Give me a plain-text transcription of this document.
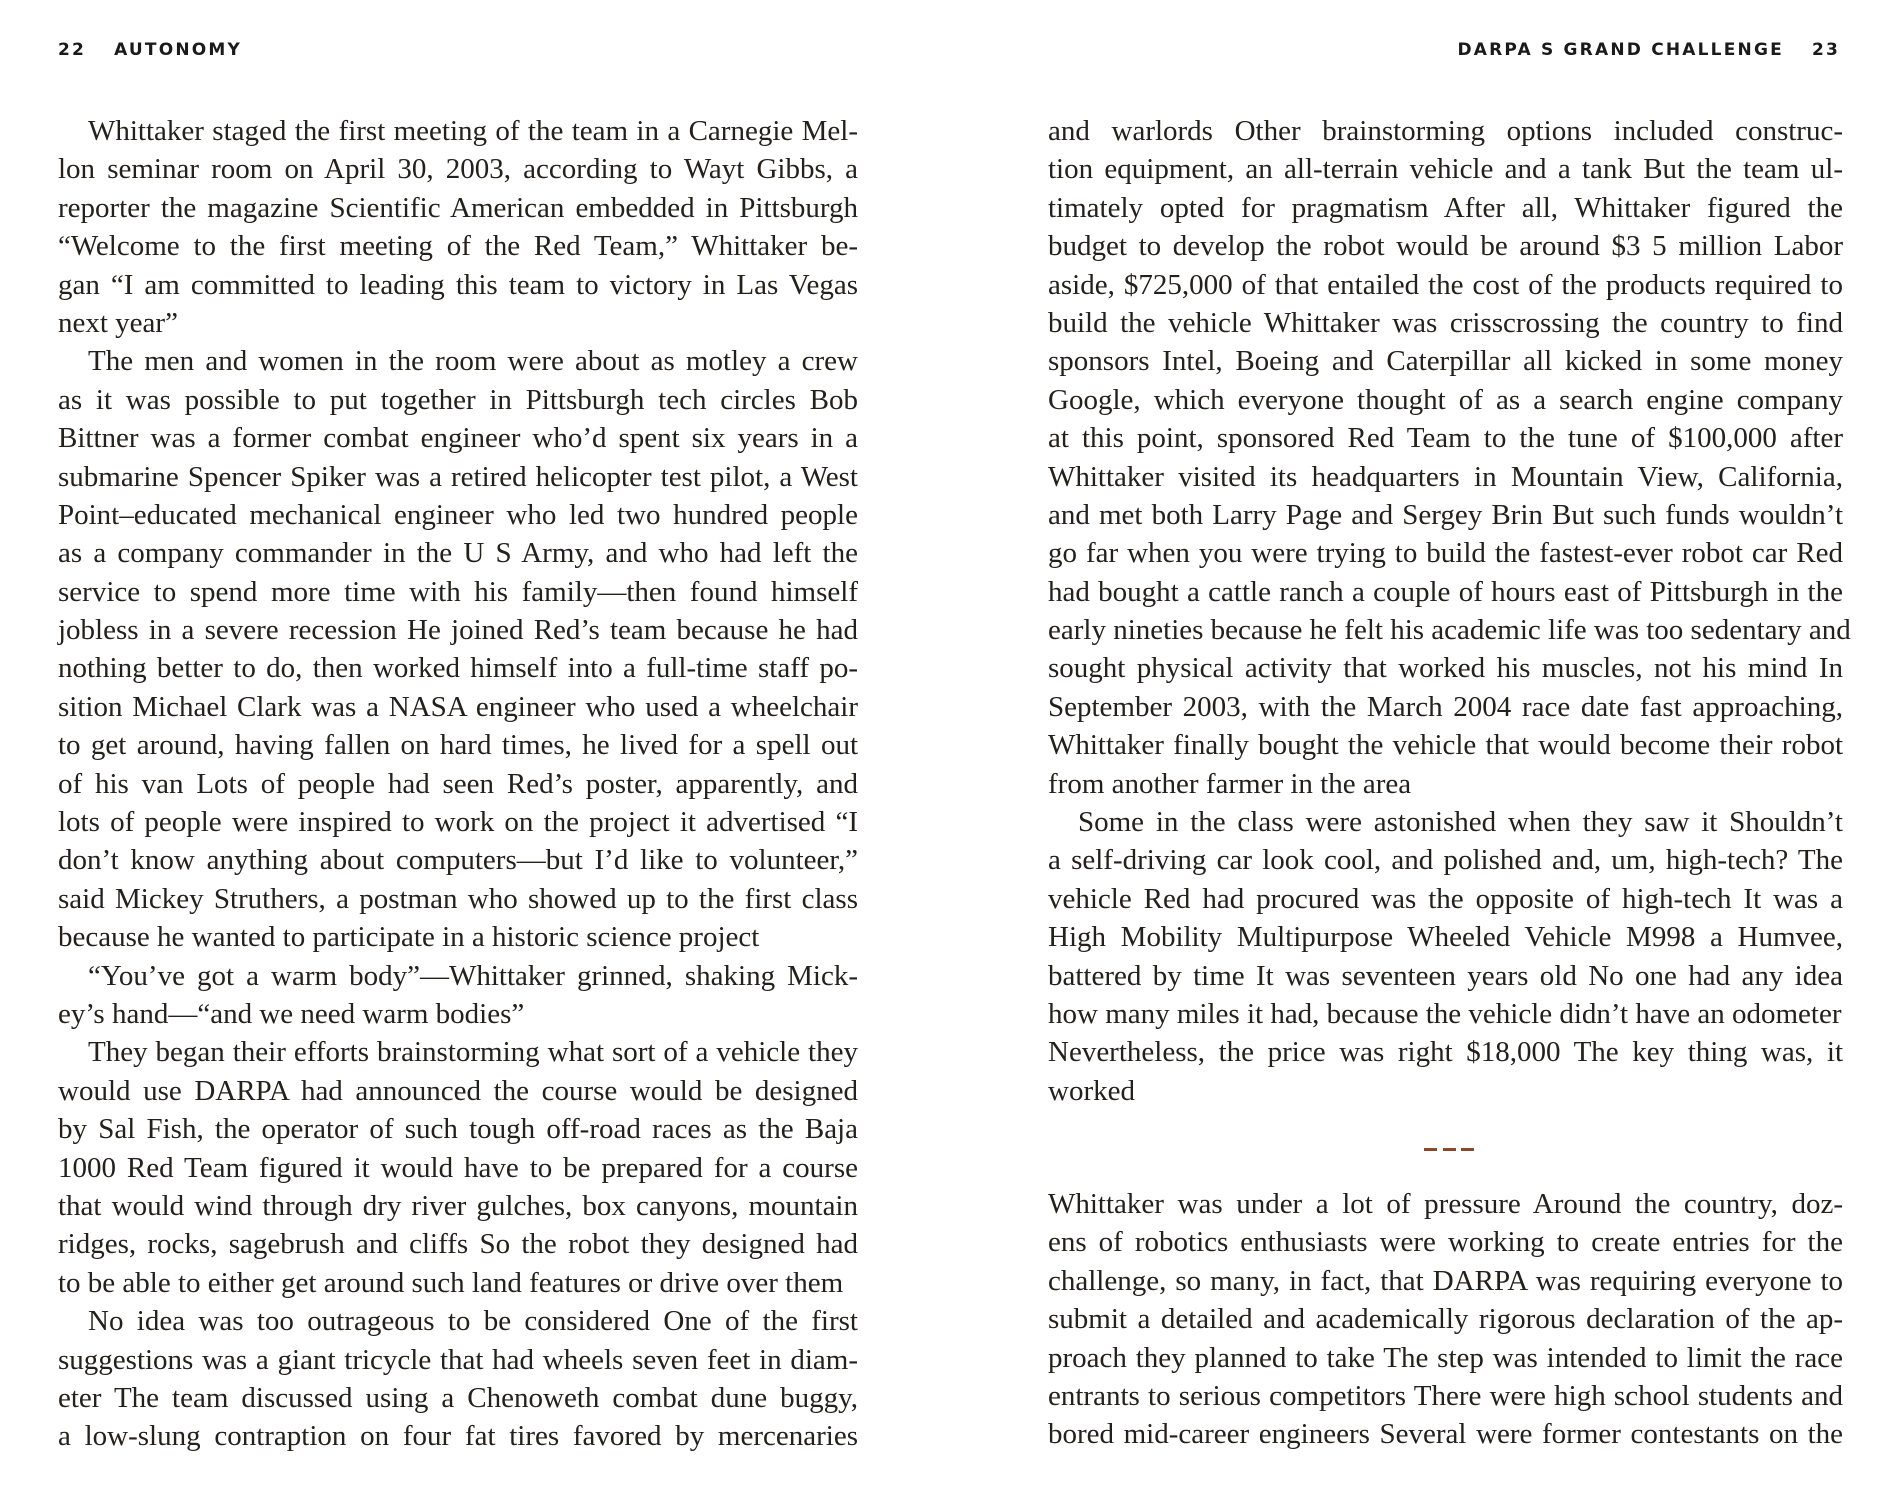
22 AUTONOMY
Whittaker staged the first meeting of the team in a Carnegie Mel-
lon seminar room on April 30, 2003, according to Wayt Gibbs, a
reporter the magazine Scientific American embedded in Pittsburgh
“Welcome to the first meeting of the Red Team,” Whittaker be-
gan “I am committed to leading this team to victory in Las Vegas
next year”
The men and women in the room were about as motley a crew
as it was possible to put together in Pittsburgh tech circles Bob
Bittner was a former combat engineer who’d spent six years in a
submarine Spencer Spiker was a retired helicopter test pilot, a West
Point–educated mechanical engineer who led two hundred people
as a company commander in the U S Army, and who had left the
service to spend more time with his family—then found himself
jobless in a severe recession He joined Red’s team because he had
nothing better to do, then worked himself into a full-time staff po-
sition Michael Clark was a NASA engineer who used a wheelchair
to get around, having fallen on hard times, he lived for a spell out
of his van Lots of people had seen Red’s poster, apparently, and
lots of people were inspired to work on the project it advertised “I
don’t know anything about computers—but I’d like to volunteer,”
said Mickey Struthers, a postman who showed up to the first class
because he wanted to participate in a historic science project
“You’ve got a warm body”—Whittaker grinned, shaking Mick-
ey’s hand—“and we need warm bodies”
They began their efforts brainstorming what sort of a vehicle they
would use DARPA had announced the course would be designed
by Sal Fish, the operator of such tough off-road races as the Baja
1000 Red Team figured it would have to be prepared for a course
that would wind through dry river gulches, box canyons, mountain
ridges, rocks, sagebrush and cliffs So the robot they designed had
to be able to either get around such land features or drive over them
No idea was too outrageous to be considered One of the first
suggestions was a giant tricycle that had wheels seven feet in diam-
eter The team discussed using a Chenoweth combat dune buggy,
a low-slung contraption on four fat tires favored by mercenaries
DARPA S GRAND CHALLENGE 23
and warlords Other brainstorming options included construc-
tion equipment, an all-terrain vehicle and a tank But the team ul-
timately opted for pragmatism After all, Whittaker figured the
budget to develop the robot would be around $3 5 million Labor
aside, $725,000 of that entailed the cost of the products required to
build the vehicle Whittaker was crisscrossing the country to find
sponsors Intel, Boeing and Caterpillar all kicked in some money
Google, which everyone thought of as a search engine company
at this point, sponsored Red Team to the tune of $100,000 after
Whittaker visited its headquarters in Mountain View, California,
and met both Larry Page and Sergey Brin But such funds wouldn’t
go far when you were trying to build the fastest-ever robot car Red
had bought a cattle ranch a couple of hours east of Pittsburgh in the
early nineties because he felt his academic life was too sedentary and
sought physical activity that worked his muscles, not his mind In
September 2003, with the March 2004 race date fast approaching,
Whittaker finally bought the vehicle that would become their robot
from another farmer in the area
Some in the class were astonished when they saw it Shouldn’t
a self-driving car look cool, and polished and, um, high-tech? The
vehicle Red had procured was the opposite of high-tech It was a
High Mobility Multipurpose Wheeled Vehicle M998 a Humvee,
battered by time It was seventeen years old No one had any idea
how many miles it had, because the vehicle didn’t have an odometer
Nevertheless, the price was right $18,000 The key thing was, it
worked
Whittaker was under a lot of pressure Around the country, doz-
ens of robotics enthusiasts were working to create entries for the
challenge, so many, in fact, that DARPA was requiring everyone to
submit a detailed and academically rigorous declaration of the ap-
proach they planned to take The step was intended to limit the race
entrants to serious competitors There were high school students and
bored mid-career engineers Several were former contestants on the
